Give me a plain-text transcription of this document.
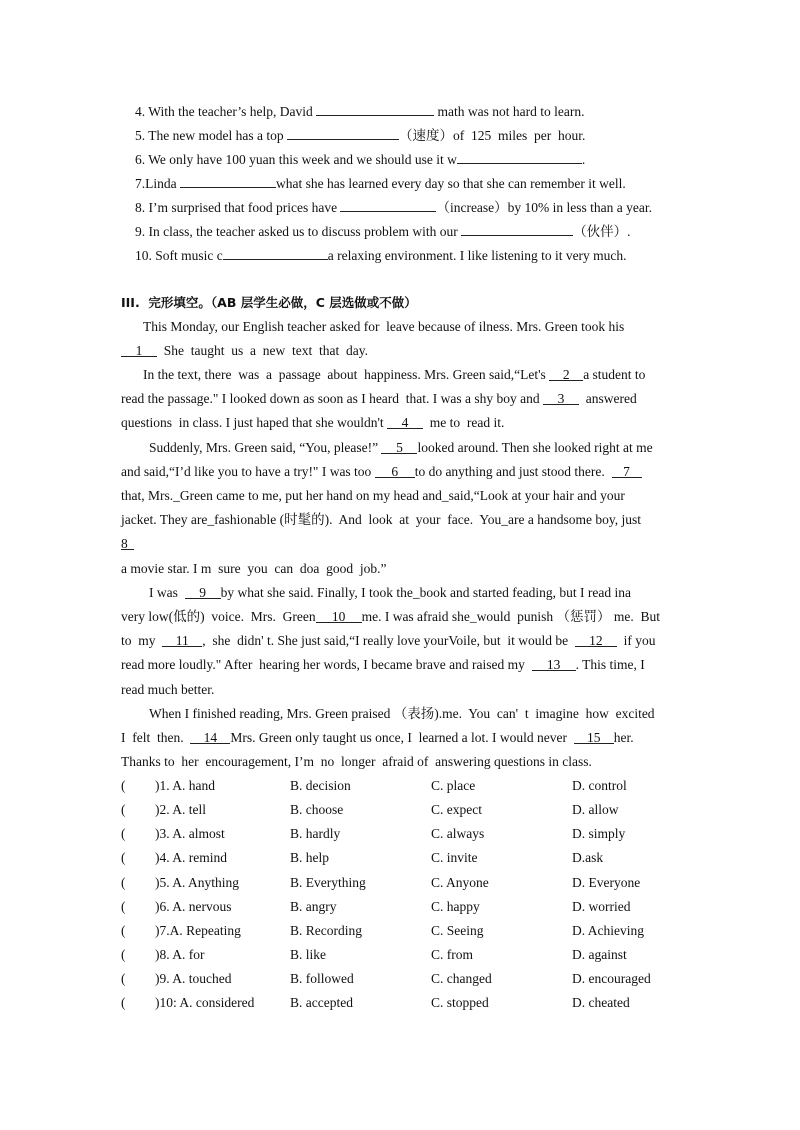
4. With the teacher’s help, David	math was not hard to learn.
5. The new model has a top	（速度）of  125  miles  per  hour.
6. We only have 100 yuan this week and we should use it w	.
7.Linda	what she has learned every day so that she can remember it well.
8. I’m surprised that food prices have	（increase）by 10% in less than a year.
9. In class, the teacher asked us to discuss problem with our	（伙伴）.
10. Soft music c	a relaxing environment. I like listening to it very much.
III.  完形填空。（AB 层学生必做，C 层选做或不做）
This Monday, our English teacher asked for  leave because of ilness. Mrs. Green took his
1  She  taught  us  a  new  text  that  day.
In the text, there  was  a  passage  about  happiness. Mrs. Green said,“Let's 2 a student to
read the passage." I looked down as soon as I heard  that. I was a shy boy and 3  answered
questions  in class. I just haped that she wouldn't 4  me to  read it.
Suddenly, Mrs. Green said, “You, please!” 5 looked around. Then she looked right at me
and said,“I’d like you to have a try!" I was too 6 to do anything and just stood there.  7
that, Mrs._Green came to me, put her hand on my head and_said,“Look at your hair and your
jacket. They are_fashionable (时髦的).  And  look  at  your  face.  You_are a handsome boy, just
8
a movie star. I m  sure  you  can  doa  good  job.”
I was  9 by what she said. Finally, I took the_book and started feading, but I read ina
very low(低的)  voice.  Mrs.  Green 10 me. I was afraid she_would  punish （惩罚） me.  But
to  my  11 ,  she  didn' t. She just said,“I really love yourVoile, but  it would be  12  if you
read more loudly." After  hearing her words, I became brave and raised my  13 . This time, I
read much better.
When I finished reading, Mrs. Green praised （表扬).me.  You  can'  t  imagine  how  excited
I  felt  then.  14 Mrs. Green only taught us once, I  learned a lot. I would never  15 her.
Thanks to  her  encouragement, I’m  no  longer  afraid of  answering questions in class.
( )1. A. hand	B. decision	C. place	D. control
( )2. A. tell	B. choose	C. expect	D. allow
( )3. A. almost	B. hardly	C. always	D. simply
( )4. A. remind	B. help	C. invite	D.ask
( )5. A. Anything	B. Everything	C. Anyone	D. Everyone
( )6. A. nervous	B. angry	C. happy	D. worried
( )7.A. Repeating	B. Recording	C. Seeing	D. Achieving
( )8. A. for	B. like	C. from	D. against
( )9. A. touched	B. followed	C. changed	D. encouraged
( )10: A. considered	B. accepted	C. stopped	D. cheated
